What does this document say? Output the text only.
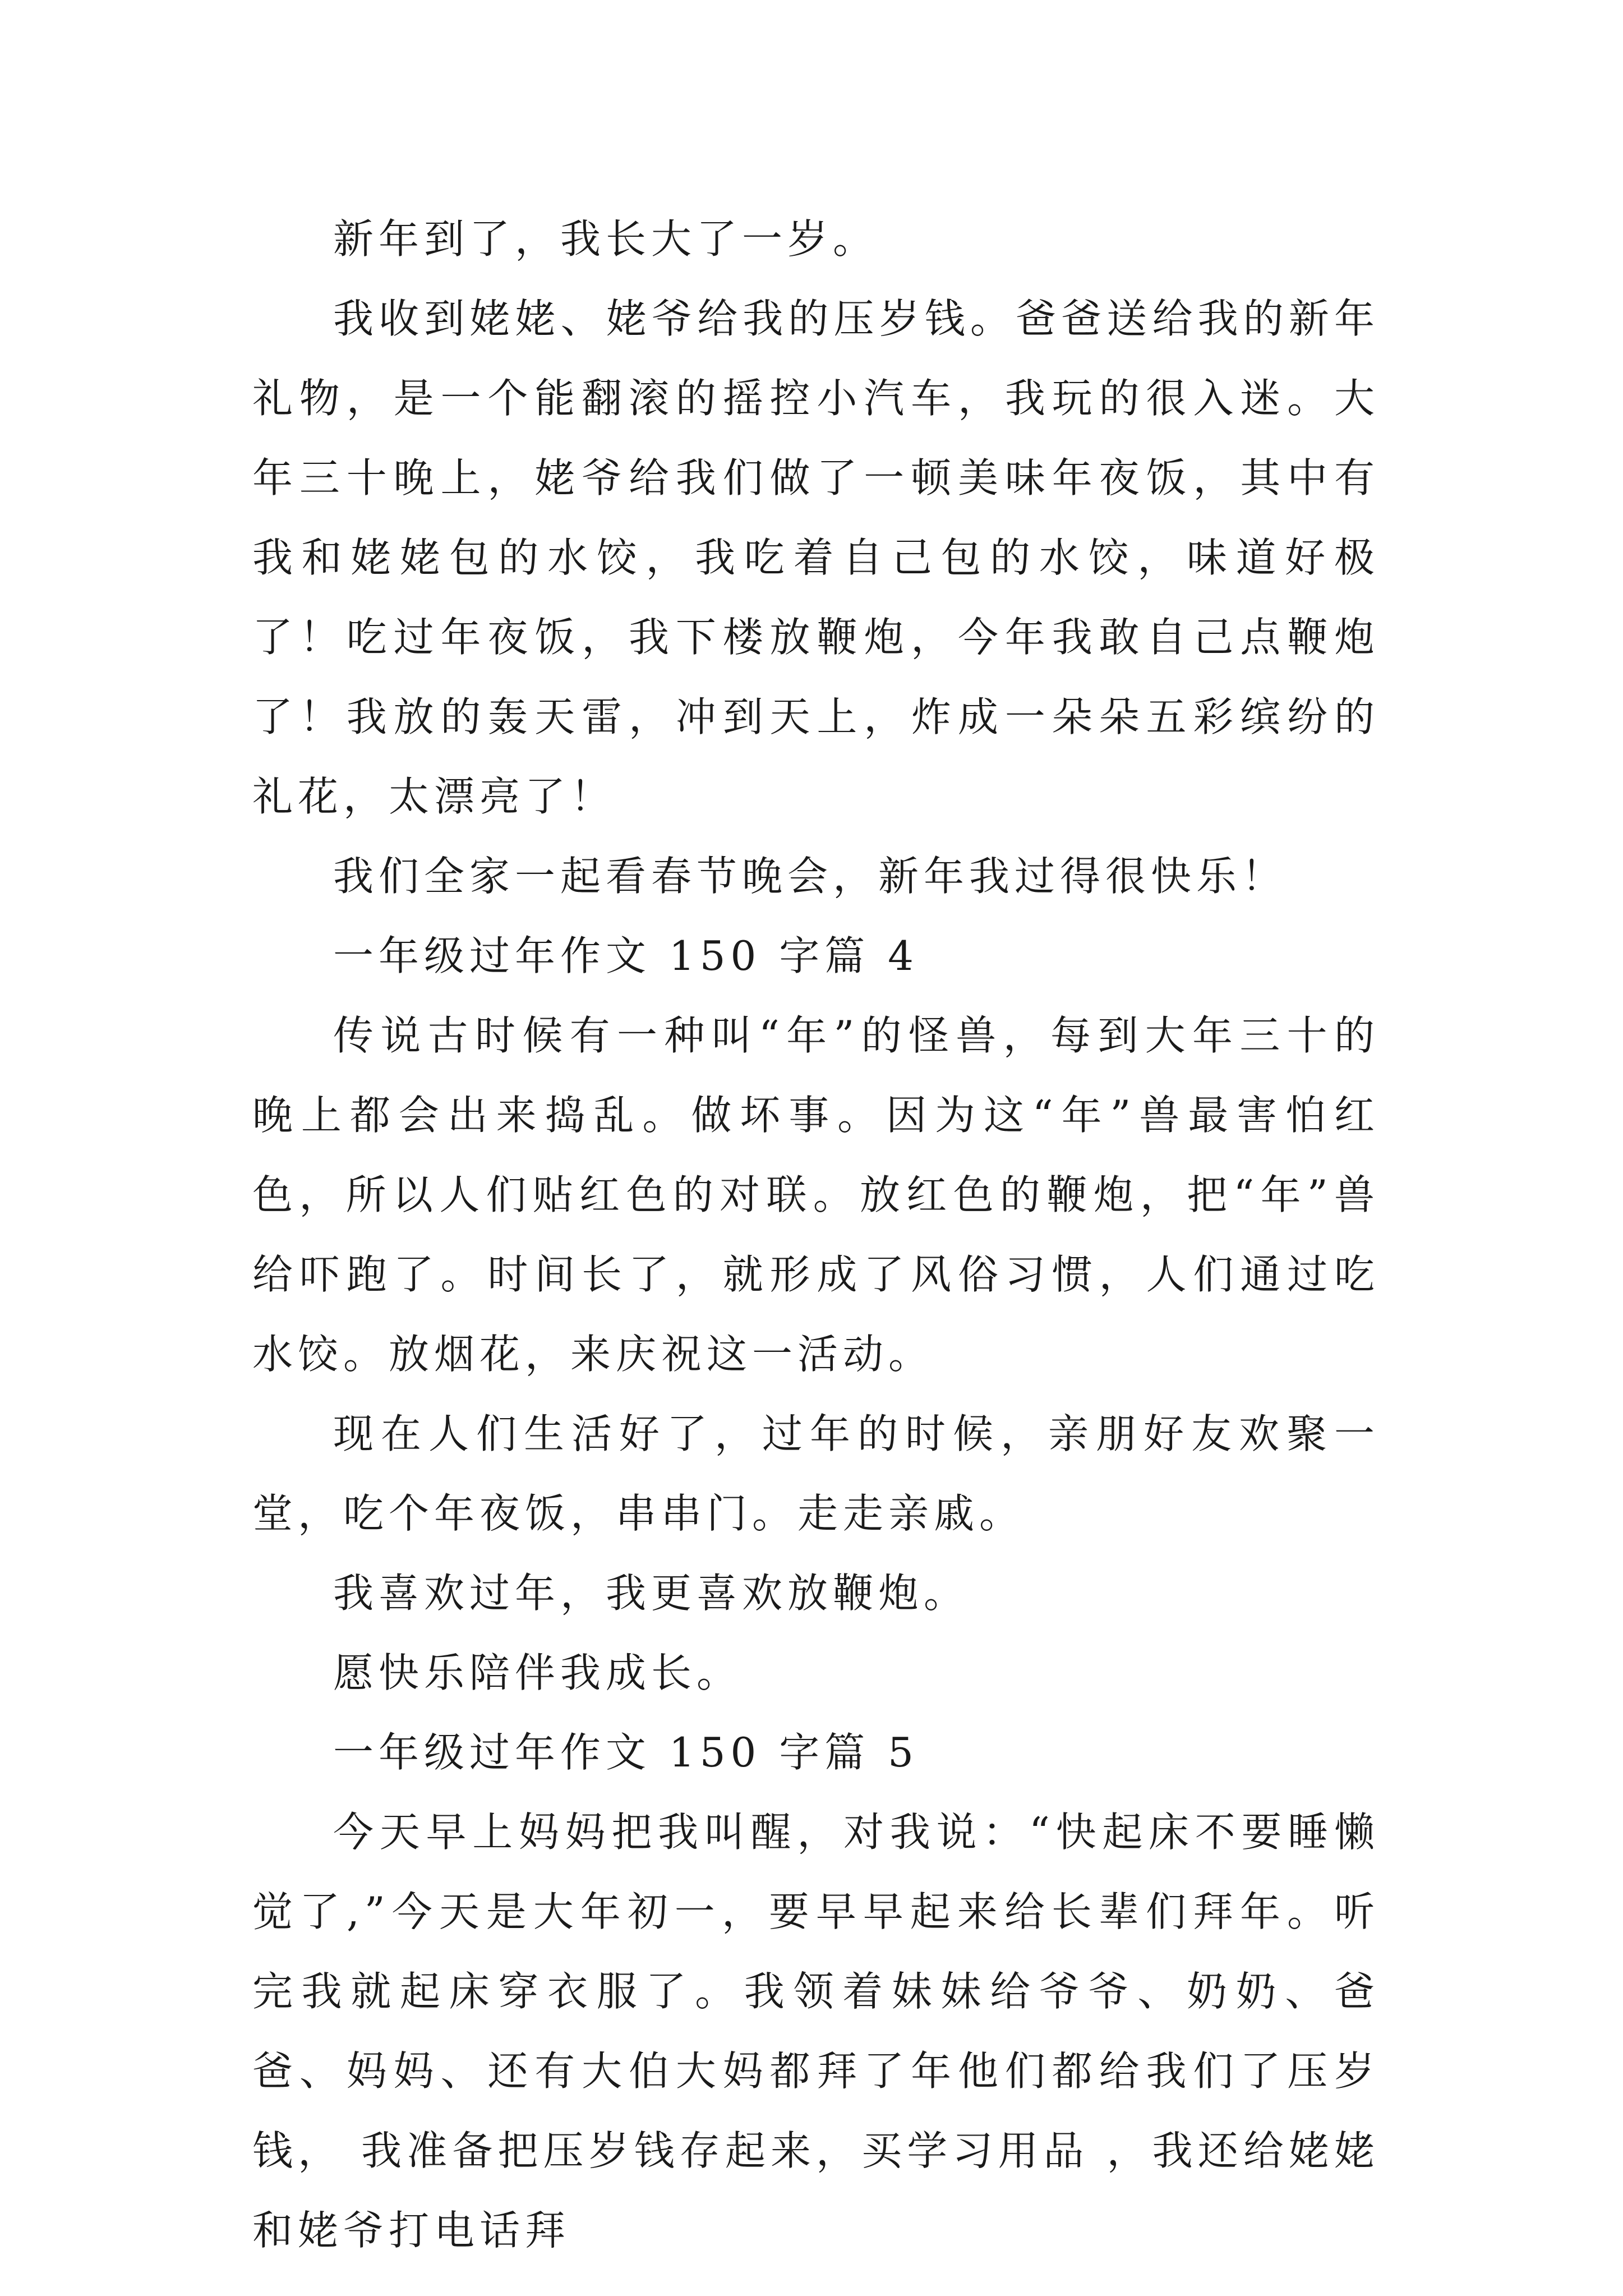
新年到了，我长大了一岁。

我收到姥姥、姥爷给我的压岁钱。爸爸送给我的新年礼物，是一个能翻滚的摇控小汽车，我玩的很入迷。大年三十晚上，姥爷给我们做了一顿美味年夜饭，其中有我和姥姥包的水饺，我吃着自己包的水饺，味道好极了！吃过年夜饭，我下楼放鞭炮，今年我敢自己点鞭炮了！我放的轰天雷，冲到天上，炸成一朵朵五彩缤纷的礼花，太漂亮了！

我们全家一起看春节晚会，新年我过得很快乐！

一年级过年作文 150 字篇 4

传说古时候有一种叫“年”的怪兽，每到大年三十的晚上都会出来捣乱。做坏事。因为这“年”兽最害怕红色，所以人们贴红色的对联。放红色的鞭炮，把“年”兽给吓跑了。时间长了，就形成了风俗习惯，人们通过吃水饺。放烟花，来庆祝这一活动。

现在人们生活好了，过年的时候，亲朋好友欢聚一堂，吃个年夜饭，串串门。走走亲戚。

我喜欢过年，我更喜欢放鞭炮。

愿快乐陪伴我成长。

一年级过年作文 150 字篇 5

今天早上妈妈把我叫醒，对我说：“快起床不要睡懒觉了,”今天是大年初一，要早早起来给长辈们拜年。听完我就起床穿衣服了。我领着妹妹给爷爷、奶奶、爸爸、妈妈、还有大伯大妈都拜了年他们都给我们了压岁钱， 我准备把压岁钱存起来，买学习用品 ，我还给姥姥和姥爷打电话拜
